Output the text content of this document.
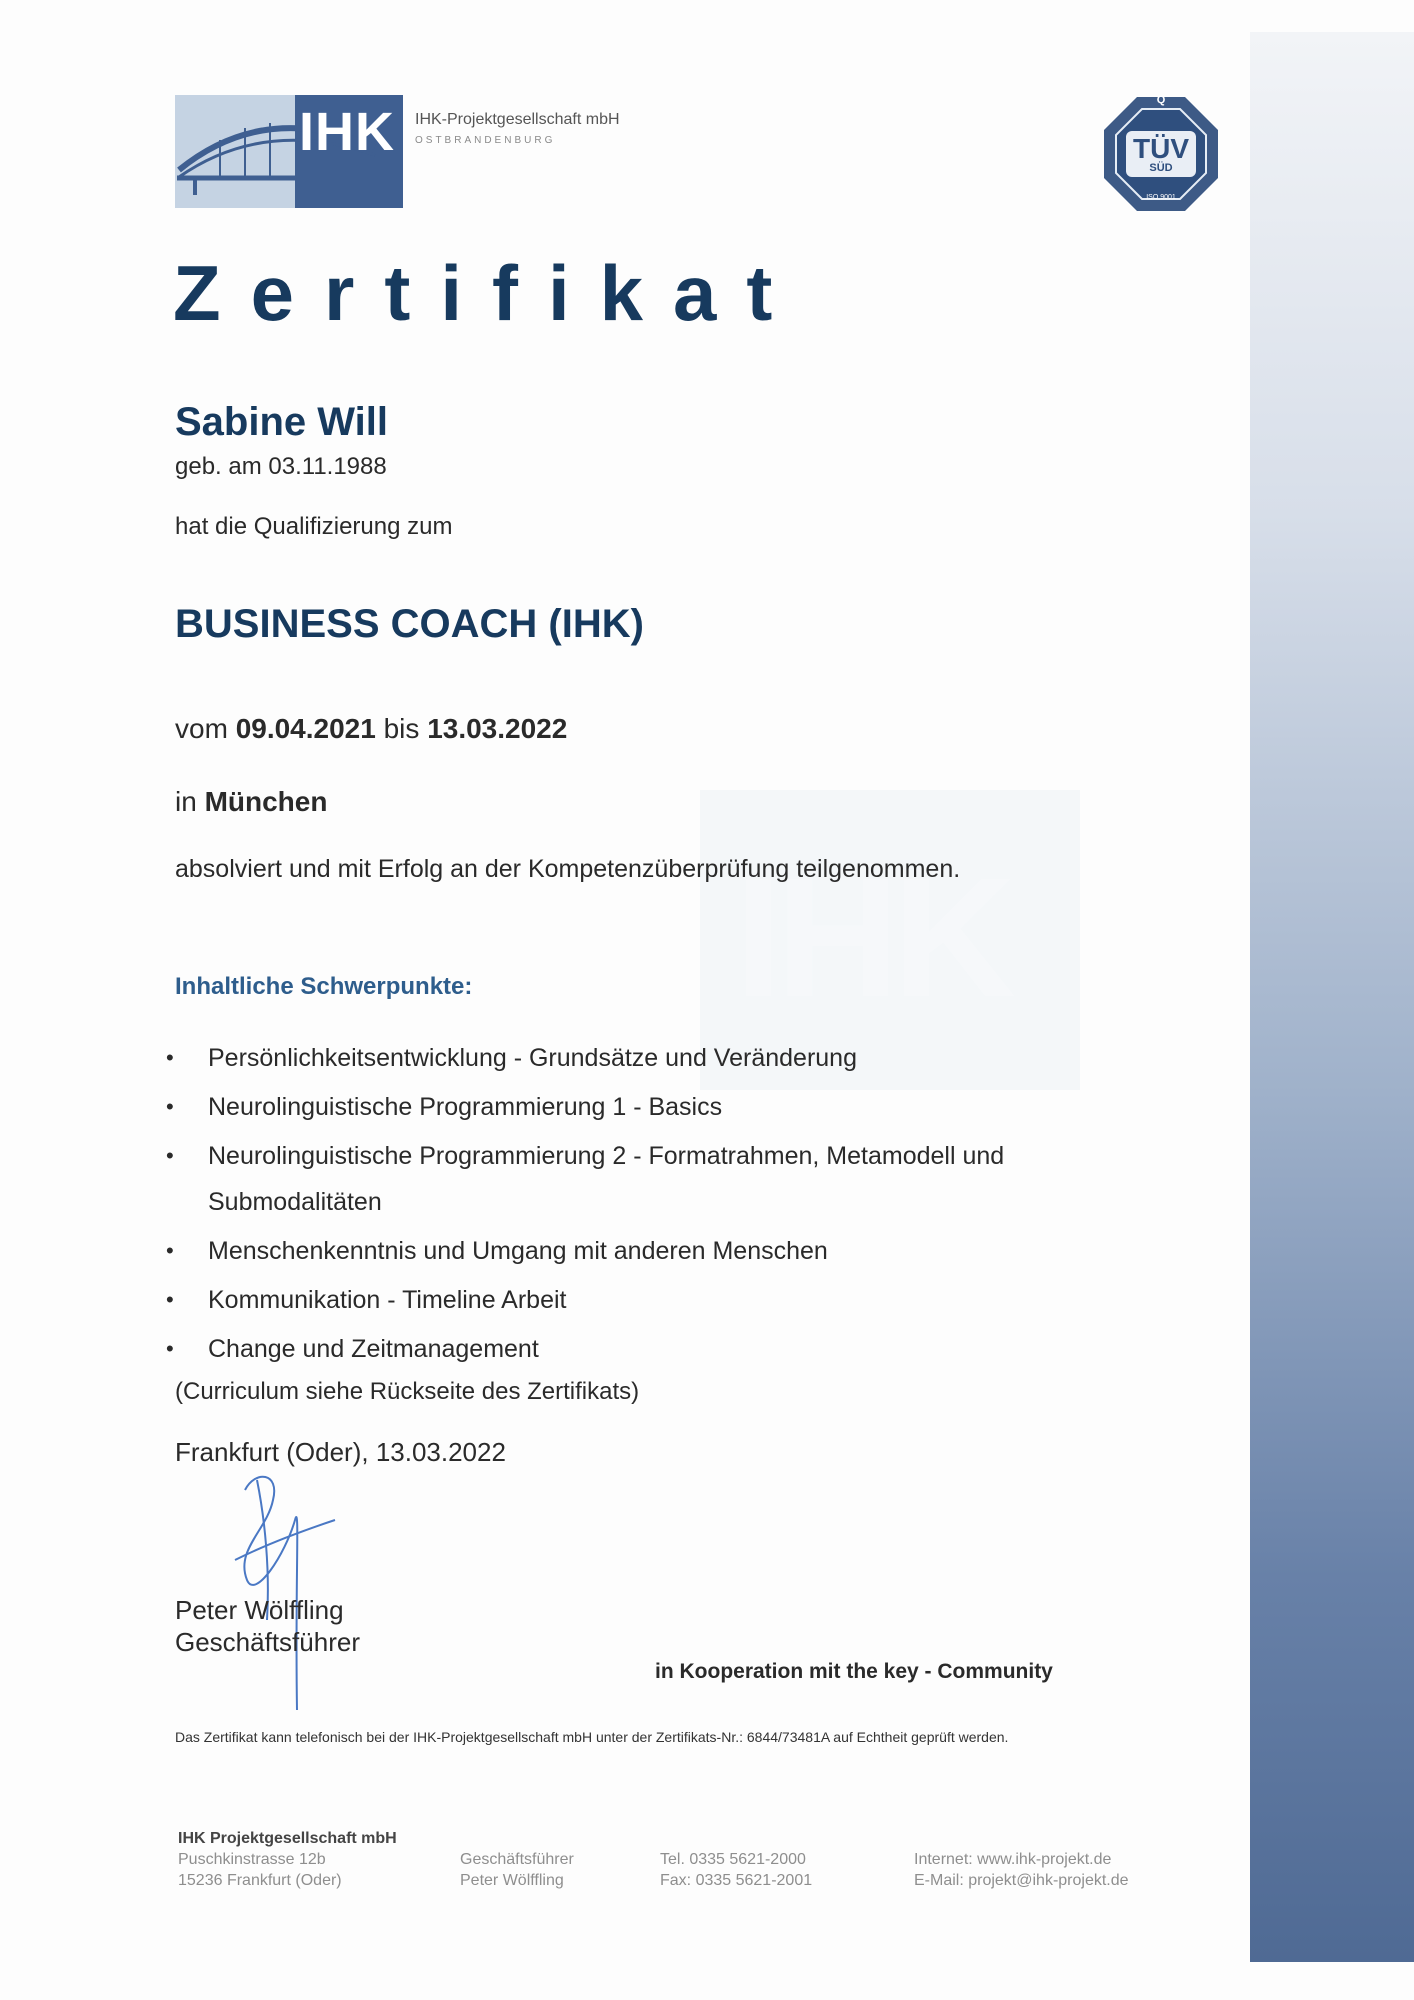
IHK
IHK IHK-Projektgesellschaft mbH
OSTBRANDENBURG
Q
TÜV
SÜD
ISO 9001
Zertifikat
Sabine Will
geb. am 03.11.1988
hat die Qualifizierung zum
BUSINESS COACH (IHK)
vom 09.04.2021 bis 13.03.2022
in München
absolviert und mit Erfolg an der Kompetenzüberprüfung teilgenommen.
Inhaltliche Schwerpunkte:
• Persönlichkeitsentwicklung - Grundsätze und Veränderung
• Neurolinguistische Programmierung 1 - Basics
• Neurolinguistische Programmierung 2 - Formatrahmen, Metamodell und Submodalitäten
• Menschenkenntnis und Umgang mit anderen Menschen
• Kommunikation - Timeline Arbeit
• Change und Zeitmanagement
(Curriculum siehe Rückseite des Zertifikats)
Frankfurt (Oder), 13.03.2022
Peter Wölffling
Geschäftsführer
in Kooperation mit the key - Community
Das Zertifikat kann telefonisch bei der IHK-Projektgesellschaft mbH unter der Zertifikats-Nr.: 6844/73481A auf Echtheit geprüft werden.
IHK Projektgesellschaft mbH
Puschkinstrasse 12b
15236 Frankfurt (Oder)
Geschäftsführer
Peter Wölffling
Tel. 0335 5621-2000
Fax: 0335 5621-2001
Internet: www.ihk-projekt.de
E-Mail: projekt@ihk-projekt.de
